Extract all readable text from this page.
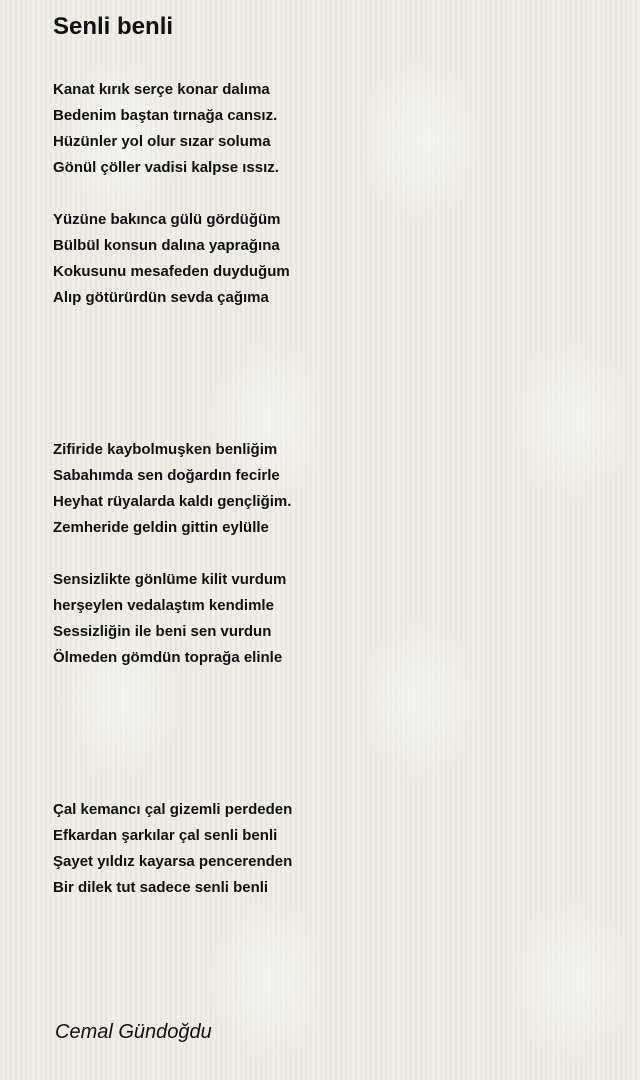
Senli benli
Kanat kırık serçe konar dalıma
Bedenim baştan tırnağa cansız.
Hüzünler yol olur sızar soluma
Gönül çöller vadisi kalpse ıssız.
Yüzüne bakınca gülü gördüğüm
Bülbül konsun dalına yaprağına
Kokusunu mesafeden duyduğum
Alıp götürürdün sevda çağıma
Zifiride kaybolmuşken benliğim
Sabahımda sen doğardın fecirle
Heyhat rüyalarda kaldı gençliğim.
Zemheride geldin gittin eylülle
Sensizlikte gönlüme kilit vurdum
herşeylen vedalaştım kendimle
Sessizliğin ile beni sen vurdun
Ölmeden gömdün toprağa elinle
Çal kemancı çal gizemli perdeden
Efkardan şarkılar çal senli benli
Şayet yıldız kayarsa pencerenden
Bir dilek tut sadece senli benli

Cemal Gündoğdu
